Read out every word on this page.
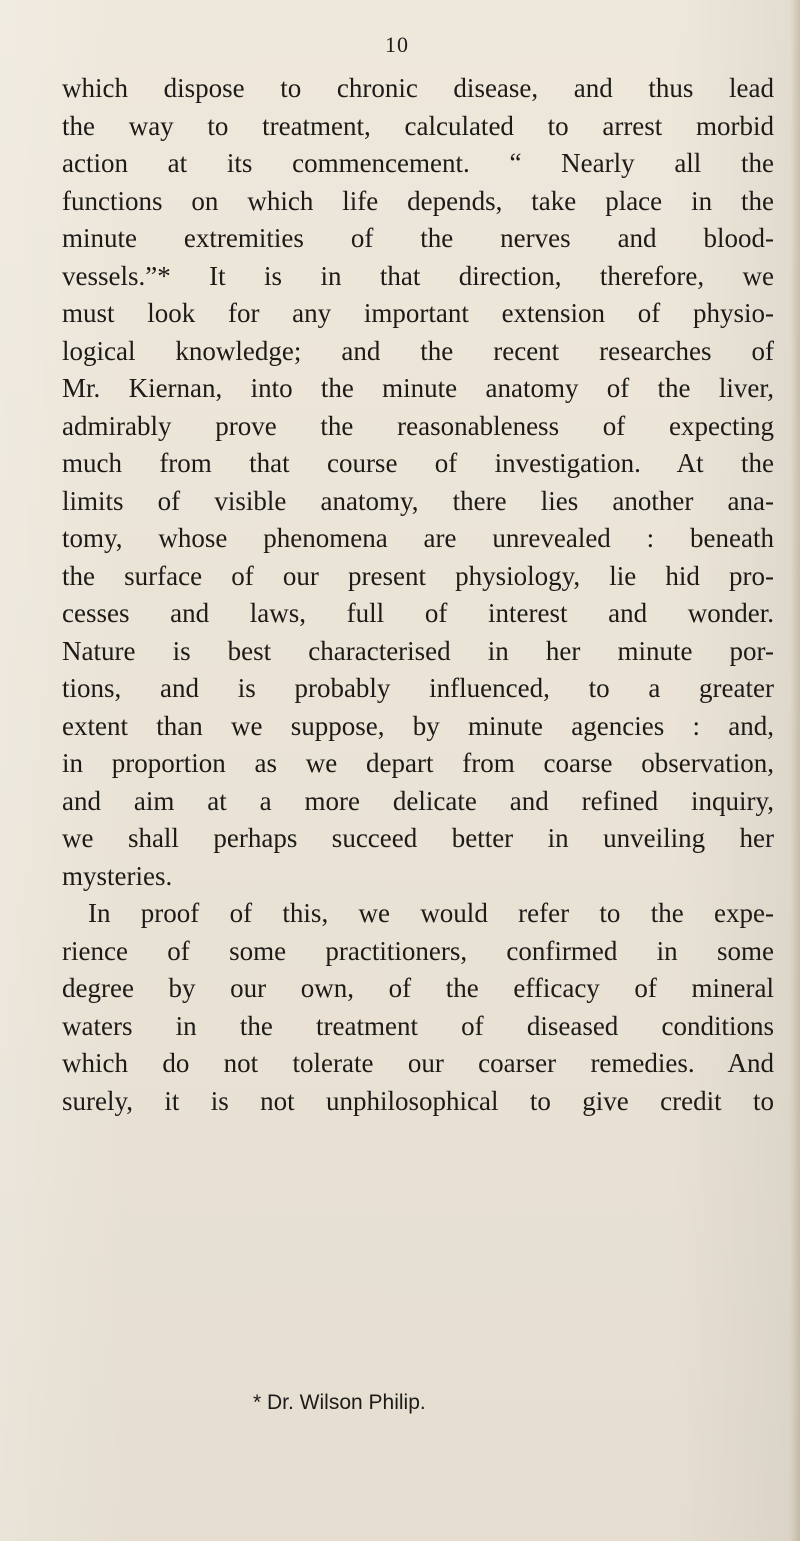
10
which dispose to chronic disease, and thus lead
the way to treatment, calculated to arrest morbid
action at its commencement. “ Nearly all the
functions on which life depends, take place in the
minute extremities of the nerves and blood-
vessels.”* It is in that direction, therefore, we
must look for any important extension of physio-
logical knowledge; and the recent researches of
Mr. Kiernan, into the minute anatomy of the liver,
admirably prove the reasonableness of expecting
much from that course of investigation. At the
limits of visible anatomy, there lies another ana-
tomy, whose phenomena are unrevealed : beneath
the surface of our present physiology, lie hid pro-
cesses and laws, full of interest and wonder.
Nature is best characterised in her minute por-
tions, and is probably influenced, to a greater
extent than we suppose, by minute agencies : and,
in proportion as we depart from coarse observation,
and aim at a more delicate and refined inquiry,
we shall perhaps succeed better in unveiling her
mysteries.
In proof of this, we would refer to the expe-
rience of some practitioners, confirmed in some
degree by our own, of the efficacy of mineral
waters in the treatment of diseased conditions
which do not tolerate our coarser remedies. And
surely, it is not unphilosophical to give credit to
* Dr. Wilson Philip.
